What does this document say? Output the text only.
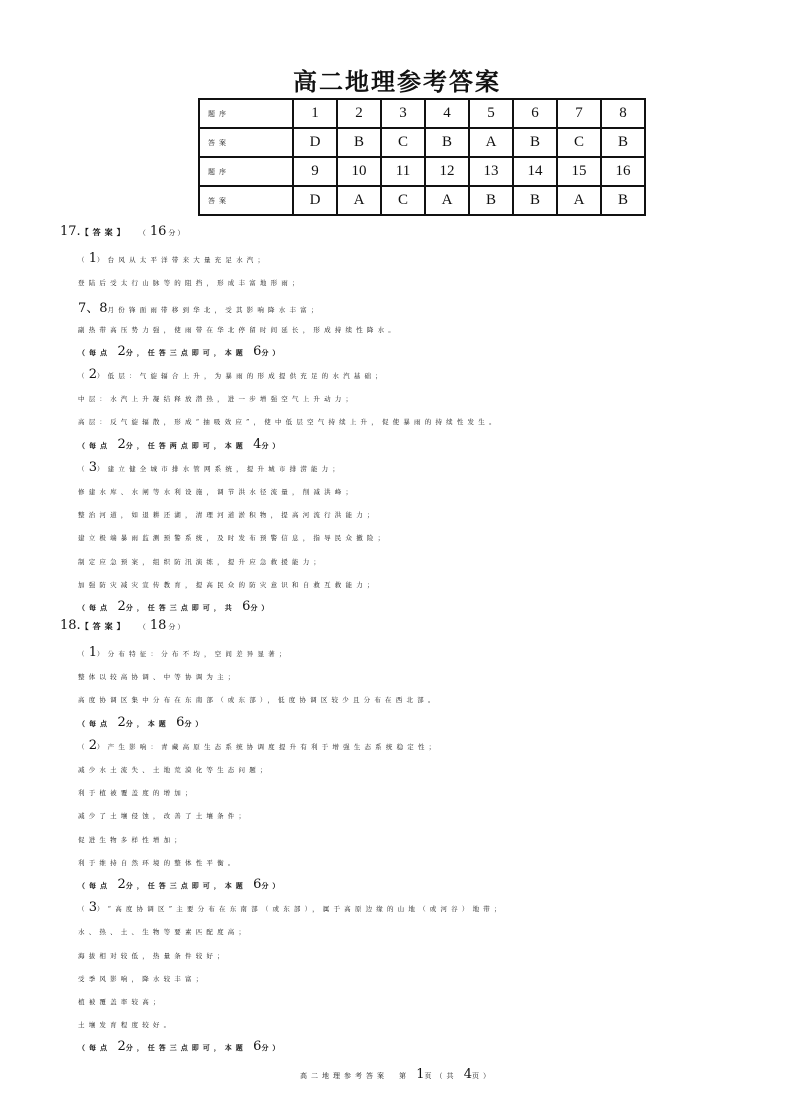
高二地理参考答案
题序	1	2	3	4	5	6	7	8
答案	D	B	C	B	A	B	C	B
题序	9	10	11	12	13	14	15	16
答案	D	A	C	A	B	B	A	B
17.【答案】 （ 16 分）
（1）台风从太平洋带来大量充足水汽；
登陆后受太行山脉等的阻挡，形成丰富地形雨；
7、8月份锋面雨带移到华北，受其影响降水丰富；
副热带高压势力强，使雨带在华北停留时间延长，形成持续性降水。
（每点 2分，任答三点即可，本题 6分）
（2）低层：气旋辐合上升，为暴雨的形成提供充足的水汽基础；
中层：水汽上升凝结释放潜热，进一步增强空气上升动力；
高层：反气旋辐散，形成“抽吸效应”，使中低层空气持续上升，促使暴雨的持续性发生。
（每点 2分，任答两点即可，本题 4分）
（3）建立健全城市排水管网系统，提升城市排涝能力；
修建水库、水闸等水利设施，调节洪水径流量，削减洪峰；
整治河道，如退耕还湖，清理河道淤积物，提高河流行洪能力；
建立极端暴雨监测预警系统，及时发布预警信息，指导民众撤险；
制定应急预案，组织防汛演练，提升应急救援能力；
加强防灾减灾宣传教育，提高民众的防灾意识和自救互救能力；
（每点 2分，任答三点即可，共 6分）
18.【答案】 （ 18 分）
（1）分布特征：分布不均，空间差异显著；
整体以较高协调、中等协调为主；
高度协调区集中分布在东南部（或东部），低度协调区较少且分布在西北部。
（每点 2分，本题 6分）
（2）产生影响：青藏高原生态系统协调度提升有利于增强生态系统稳定性；
减少水土流失、土地荒漠化等生态问题；
利于植被覆盖度的增加；
减少了土壤侵蚀，改善了土壤条件；
促进生物多样性增加；
利于维持自然环境的整体性平衡。
（每点 2分，任答三点即可，本题 6分）
（3）“高度协调区”主要分布在东南部（或东部），属于高原边缘的山地（或河谷）地带；
水、热、土、生物等要素匹配度高；
海拔相对较低，热量条件较好；
受季风影响，降水较丰富；
植被覆盖率较高；
土壤发育程度较好。
（每点 2分，任答三点即可，本题 6分）
高二地理参考答案　第 1页（共 4页）
